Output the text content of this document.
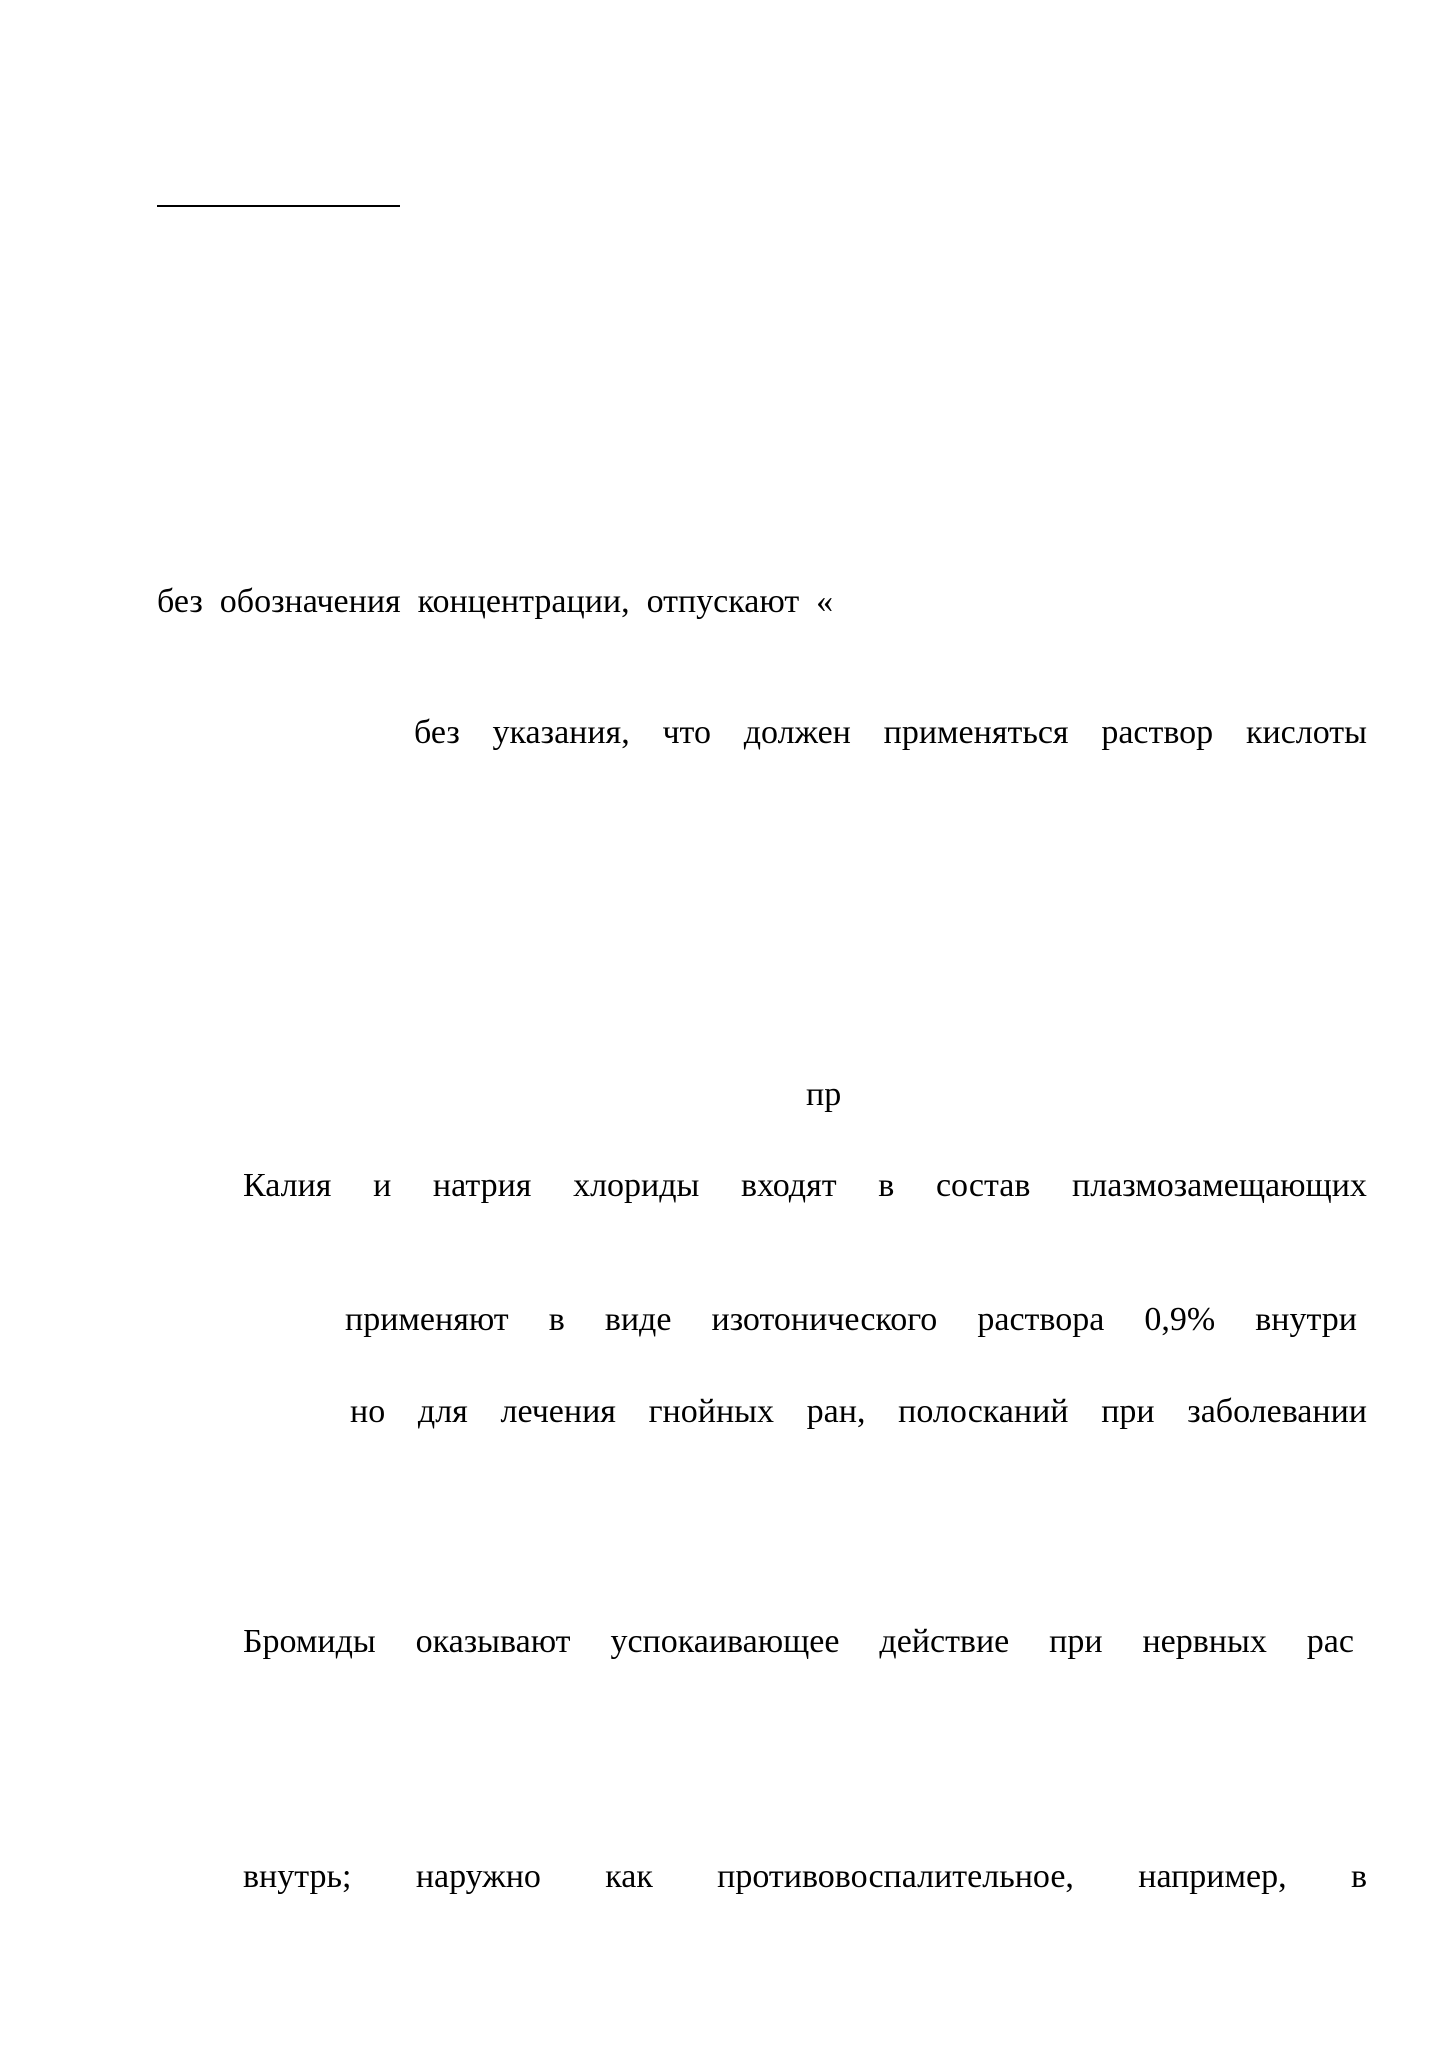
без  обозначения  концентрации,  отпускают  «
без указания, что должен применяться раствор кислоты
пр
Калия и натрия хлориды входят в состав плазмозамещающих
применяют в виде изотонического раствора 0,9% внутри
но для лечения гнойных ран, полосканий при заболевании
Бромиды оказывают успокаивающее действие при нервных рас
внутрь; наружно как противовоспалительное, например, в
